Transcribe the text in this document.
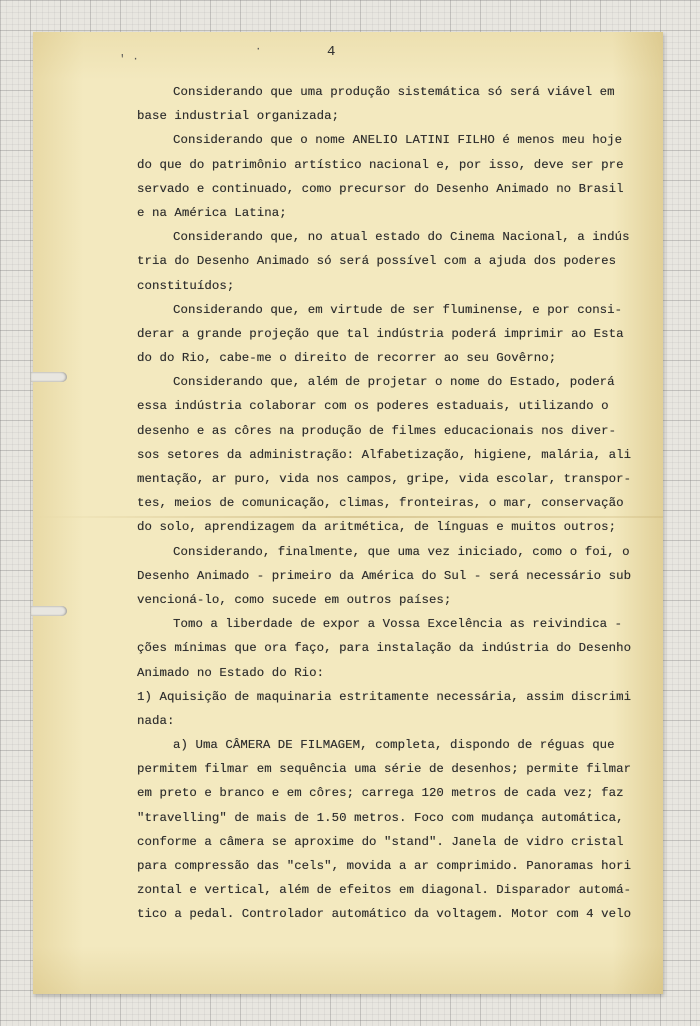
′ ·
·	4
Considerando que uma produção sistemática só será viável em
base industrial organizada;
Considerando que o nome ANELIO LATINI FILHO é menos meu hoje
do que do patrimônio artístico nacional e, por isso, deve ser pre
servado e continuado, como precursor do Desenho Animado no Brasil
e na América Latina;
Considerando que, no atual estado do Cinema Nacional, a indús
tria do Desenho Animado só será possível com a ajuda dos poderes
constituídos;
Considerando que, em virtude de ser fluminense, e por consi-
derar a grande projeção que tal indústria poderá imprimir ao Esta
do do Rio, cabe-me o direito de recorrer ao seu Govêrno;
Considerando que, além de projetar o nome do Estado, poderá
essa indústria colaborar com os poderes estaduais, utilizando o
desenho e as côres na produção de filmes educacionais nos diver-
sos setores da administração: Alfabetização, higiene, malária, ali
mentação, ar puro, vida nos campos, gripe, vida escolar, transpor-
tes, meios de comunicação, climas, fronteiras, o mar, conservação
do solo, aprendizagem da aritmética, de línguas e muitos outros;
Considerando, finalmente, que uma vez iniciado, como o foi, o
Desenho Animado - primeiro da América do Sul - será necessário sub
vencioná-lo, como sucede em outros países;
Tomo a liberdade de expor a Vossa Excelência as reivindica -
ções mínimas que ora faço, para instalação da indústria do Desenho
Animado no Estado do Rio:
1) Aquisição de maquinaria estritamente necessária, assim discrimi
nada:
a) Uma CÂMERA DE FILMAGEM, completa, dispondo de réguas que
permitem filmar em sequência uma série de desenhos; permite filmar
em preto e branco e em côres; carrega 120 metros de cada vez; faz
"travelling" de mais de 1.50 metros. Foco com mudança automática,
conforme a câmera se aproxime do "stand". Janela de vidro cristal
para compressão das "cels", movida a ar comprimido. Panoramas hori
zontal e vertical, além de efeitos em diagonal. Disparador automá-
tico a pedal. Controlador automático da voltagem. Motor com 4 velo
